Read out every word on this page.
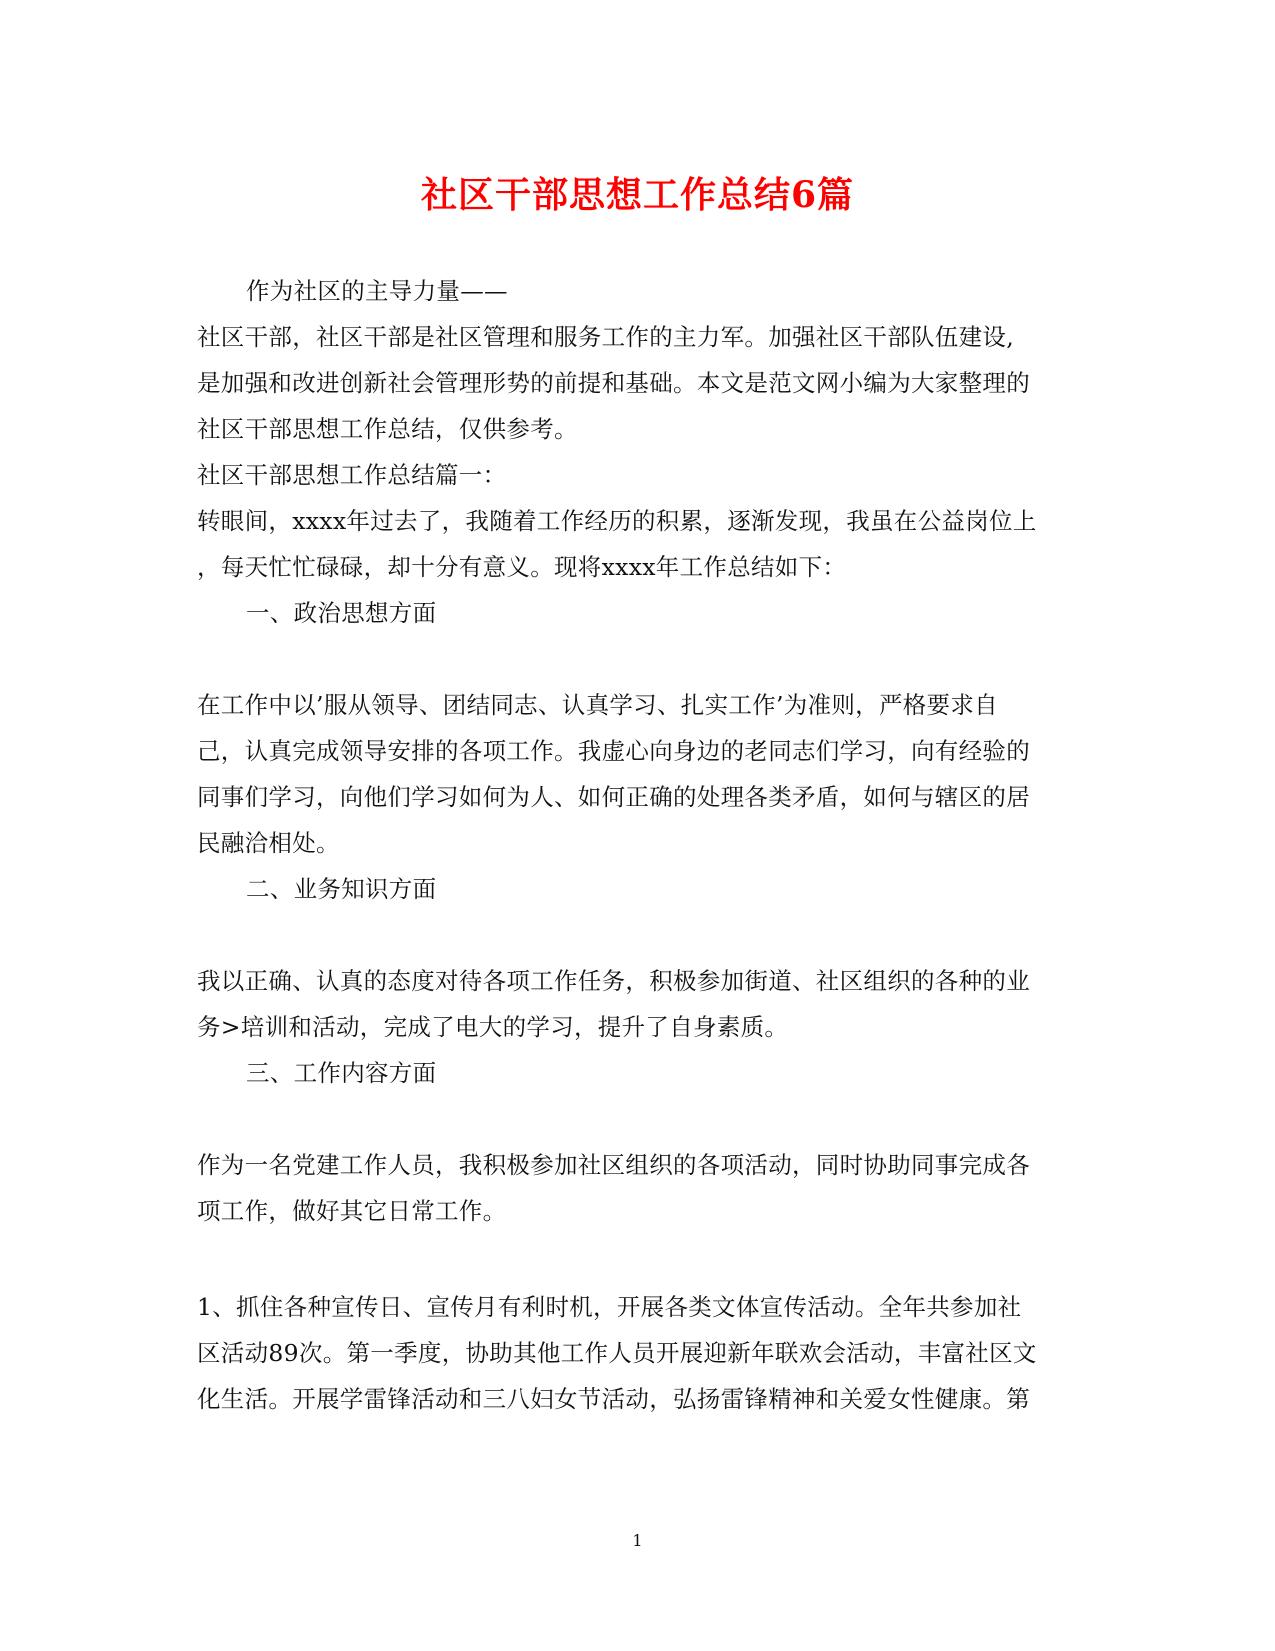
社区干部思想工作总结6篇
作为社区的主导力量——
社区干部，社区干部是社区管理和服务工作的主力军。加强社区干部队伍建设,
是加强和改进创新社会管理形势的前提和基础。本文是范文网小编为大家整理的
社区干部思想工作总结，仅供参考。
社区干部思想工作总结篇一：
转眼间，xxxx年过去了，我随着工作经历的积累，逐渐发现，我虽在公益岗位上
，每天忙忙碌碌，却十分有意义。现将xxxx年工作总结如下：
一、政治思想方面
在工作中以’服从领导、团结同志、认真学习、扎实工作’为准则，严格要求自
己，认真完成领导安排的各项工作。我虚心向身边的老同志们学习，向有经验的
同事们学习，向他们学习如何为人、如何正确的处理各类矛盾，如何与辖区的居
民融洽相处。
二、业务知识方面
我以正确、认真的态度对待各项工作任务，积极参加街道、社区组织的各种的业
务>培训和活动，完成了电大的学习，提升了自身素质。
三、工作内容方面
作为一名党建工作人员，我积极参加社区组织的各项活动，同时协助同事完成各
项工作，做好其它日常工作。
1、抓住各种宣传日、宣传月有利时机，开展各类文体宣传活动。全年共参加社
区活动89次。第一季度，协助其他工作人员开展迎新年联欢会活动，丰富社区文
化生活。开展学雷锋活动和三八妇女节活动，弘扬雷锋精神和关爱女性健康。第
1
